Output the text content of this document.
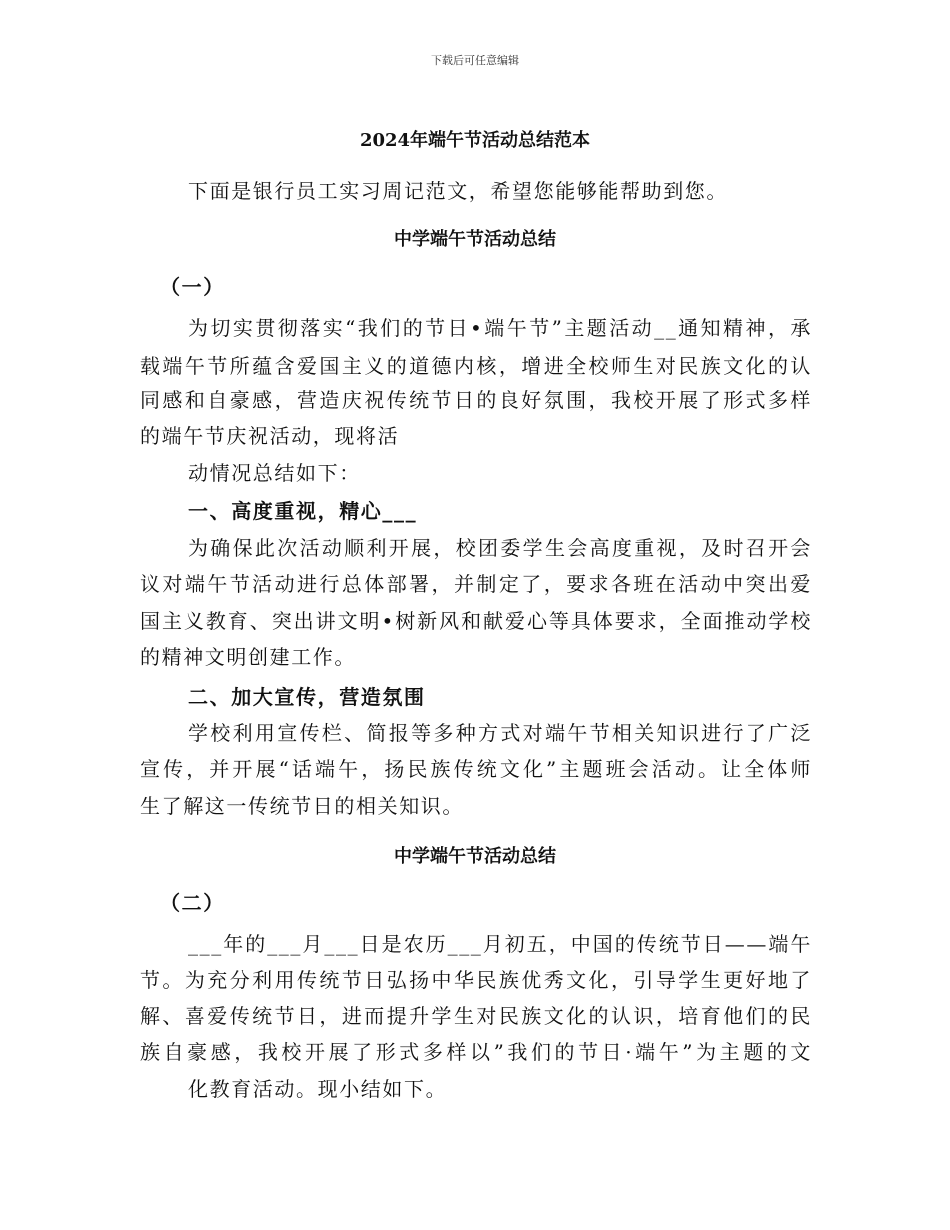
下载后可任意编辑
2024年端午节活动总结范本
下面是银行员工实习周记范文，希望您能够能帮助到您。
中学端午节活动总结
（一）
为切实贯彻落实“我们的节日•端午节”主题活动__通知精神，承
载端午节所蕴含爱国主义的道德内核，增进全校师生对民族文化的认
同感和自豪感，营造庆祝传统节日的良好氛围，我校开展了形式多样
的端午节庆祝活动，现将活
动情况总结如下：
一、高度重视，精心___
为确保此次活动顺利开展，校团委学生会高度重视，及时召开会
议对端午节活动进行总体部署，并制定了，要求各班在活动中突出爱
国主义教育、突出讲文明•树新风和献爱心等具体要求，全面推动学校
的精神文明创建工作。
二、加大宣传，营造氛围
学校利用宣传栏、简报等多种方式对端午节相关知识进行了广泛
宣传，并开展“话端午，扬民族传统文化”主题班会活动。让全体师
生了解这一传统节日的相关知识。
中学端午节活动总结
（二）
___年的___月___日是农历___月初五，中国的传统节日——端午
节。为充分利用传统节日弘扬中华民族优秀文化，引导学生更好地了
解、喜爱传统节日，进而提升学生对民族文化的认识，培育他们的民
族自豪感，我校开展了形式多样以”我们的节日·端午”为主题的文
化教育活动。现小结如下。
